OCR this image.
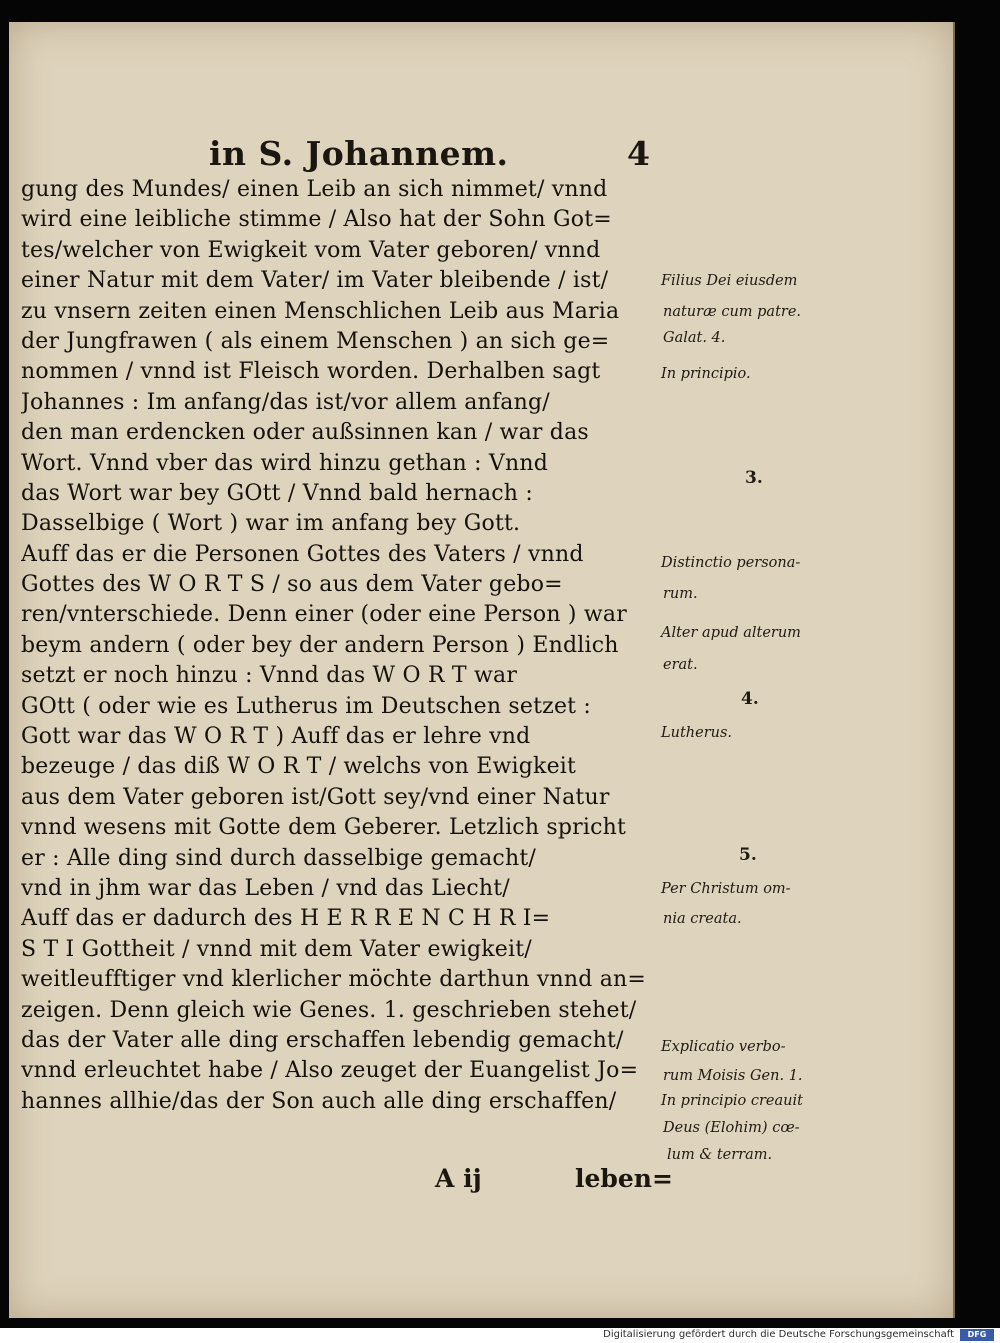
in S. Johannem.	4
gung des Mundes/ einen Leib an sich nimmet/ vnnd
wird eine leibliche stimme / Also hat der Sohn Got=
tes/welcher von Ewigkeit vom Vater geboren/ vnnd
einer Natur mit dem Vater/ im Vater bleibende / ist/
zu vnsern zeiten einen Menschlichen Leib aus Maria
der Jungfrawen ( als einem Menschen ) an sich ge=
nommen / vnnd ist Fleisch worden. Derhalben sagt
Johannes : Im anfang/das ist/vor allem anfang/
den man erdencken oder außsinnen kan / war das
Wort. Vnnd vber das wird hinzu gethan : Vnnd
das Wort war bey GOtt / Vnnd bald hernach :
Dasselbige ( Wort ) war im anfang bey Gott.
Auff das er die Personen Gottes des Vaters / vnnd
Gottes des W O R T S / so aus dem Vater gebo=
ren/vnterschiede. Denn einer (oder eine Person ) war
beym andern ( oder bey der andern Person ) Endlich
setzt er noch hinzu : Vnnd das W O R T war
GOtt ( oder wie es Lutherus im Deutschen setzet :
Gott war das W O R T ) Auff das er lehre vnd
bezeuge / das diß W O R T / welchs von Ewigkeit
aus dem Vater geboren ist/Gott sey/vnd einer Natur
vnnd wesens mit Gotte dem Geberer. Letzlich spricht
er : Alle ding sind durch dasselbige gemacht/
vnd in jhm war das Leben / vnd das Liecht/
Auff das er dadurch des H E R R E N C H R I=
S T I Gottheit / vnnd mit dem Vater ewigkeit/
weitleufftiger vnd klerlicher möchte darthun vnnd an=
zeigen. Denn gleich wie Genes. 1. geschrieben stehet/
das der Vater alle ding erschaffen lebendig gemacht/
vnnd erleuchtet habe / Also zeuget der Euangelist Jo=
hannes allhie/das der Son auch alle ding erschaffen/
Filius Dei eiusdem
naturæ cum patre.
Galat. 4.
In principio.
3.
Distinctio personа-
rum.
Alter apud alterum
erat.
4.
Lutherus.
5.
Per Christum om-
nia creata.
Explicatio verbo-
rum Moisis Gen. 1.
In principio creauit
Deus (Elohim) cœ-
lum & terram.
A ij	leben=
Digitalisierung gefördert durch die Deutsche Forschungsgemeinschaft	DFG
